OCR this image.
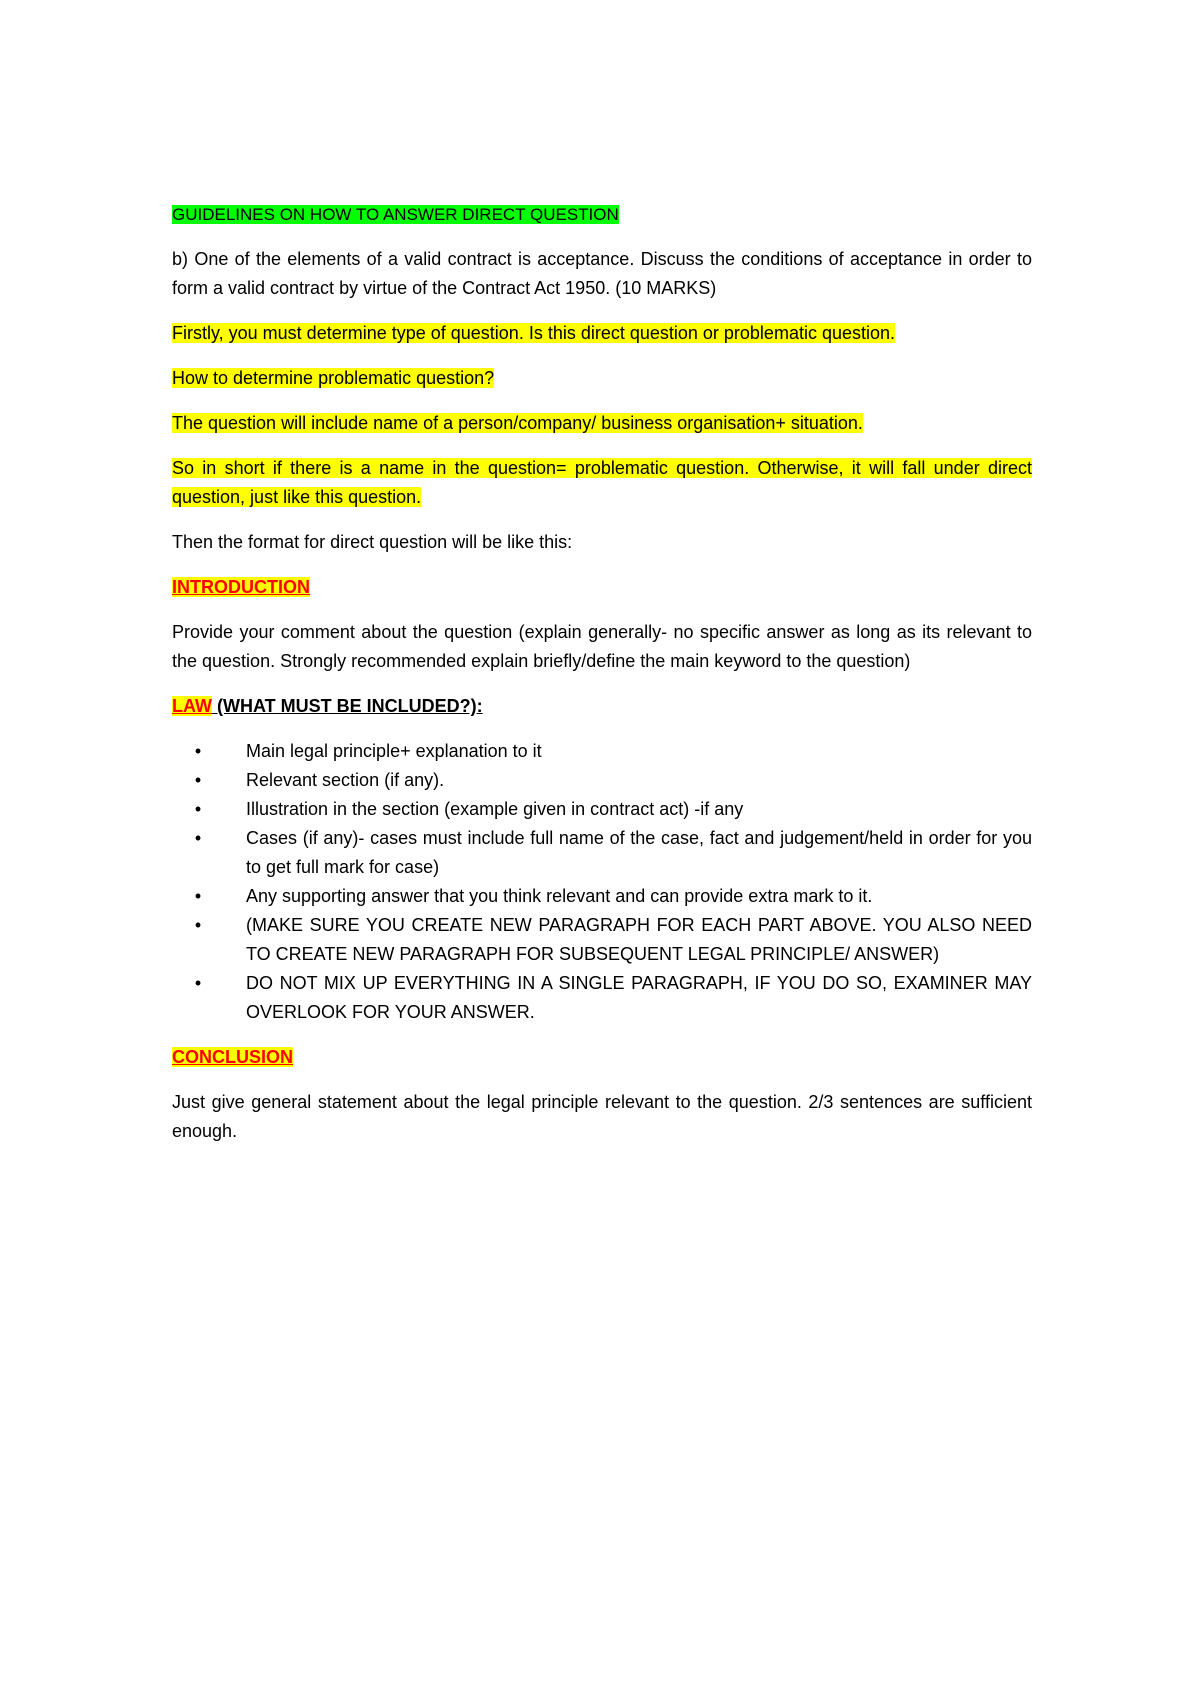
GUIDELINES ON HOW TO ANSWER DIRECT QUESTION

b) One of the elements of a valid contract is acceptance. Discuss the conditions of acceptance in order to form a valid contract by virtue of the Contract Act 1950. (10 MARKS)

Firstly, you must determine type of question. Is this direct question or problematic question.

How to determine problematic question?

The question will include name of a person/company/ business organisation+ situation.

So in short if there is a name in the question= problematic question. Otherwise, it will fall under direct question, just like this question.

Then the format for direct question will be like this:

INTRODUCTION

Provide your comment about the question (explain generally- no specific answer as long as its relevant to the question. Strongly recommended explain briefly/define the main keyword to the question)

LAW (WHAT MUST BE INCLUDED?):

•	Main legal principle+ explanation to it
•	Relevant section (if any).
•	Illustration in the section (example given in contract act) -if any
•	Cases (if any)- cases must include full name of the case, fact and judgement/held in order for you to get full mark for case)
•	Any supporting answer that you think relevant and can provide extra mark to it.
•	(MAKE SURE YOU CREATE NEW PARAGRAPH FOR EACH PART ABOVE. YOU ALSO NEED TO CREATE NEW PARAGRAPH FOR SUBSEQUENT LEGAL PRINCIPLE/ ANSWER)
•	DO NOT MIX UP EVERYTHING IN A SINGLE PARAGRAPH, IF YOU DO SO, EXAMINER MAY OVERLOOK FOR YOUR ANSWER.

CONCLUSION

Just give general statement about the legal principle relevant to the question. 2/3 sentences are sufficient enough.
